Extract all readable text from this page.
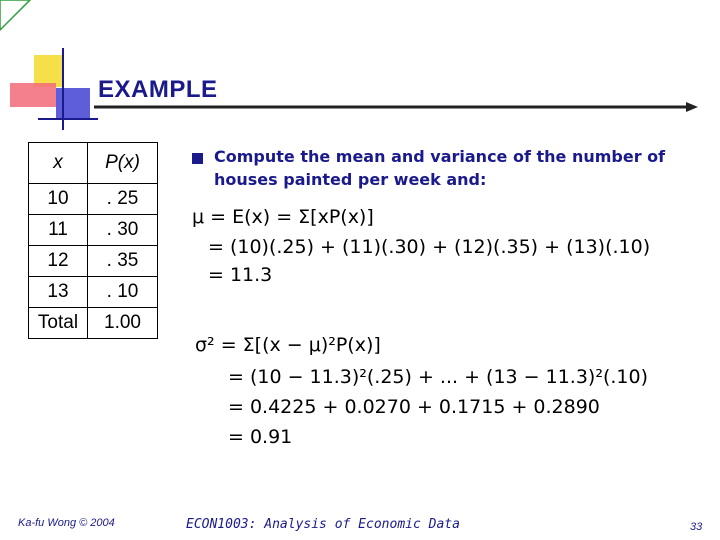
EXAMPLE
x	P(x)
10	. 25
11	. 30
12	. 35
13	. 10
Total	1.00
Compute the mean and variance of the number of houses painted per week and:
μ = E(x) = Σ[xP(x)]
= (10)(.25) + (11)(.30) + (12)(.35) + (13)(.10)
= 11.3
σ² = Σ[(x − μ)²P(x)]
= (10 − 11.3)²(.25) + ... + (13 − 11.3)²(.10)
= 0.4225 + 0.0270 + 0.1715 + 0.2890
= 0.91
Ka-fu Wong © 2004	ECON1003: Analysis of Economic Data	33
